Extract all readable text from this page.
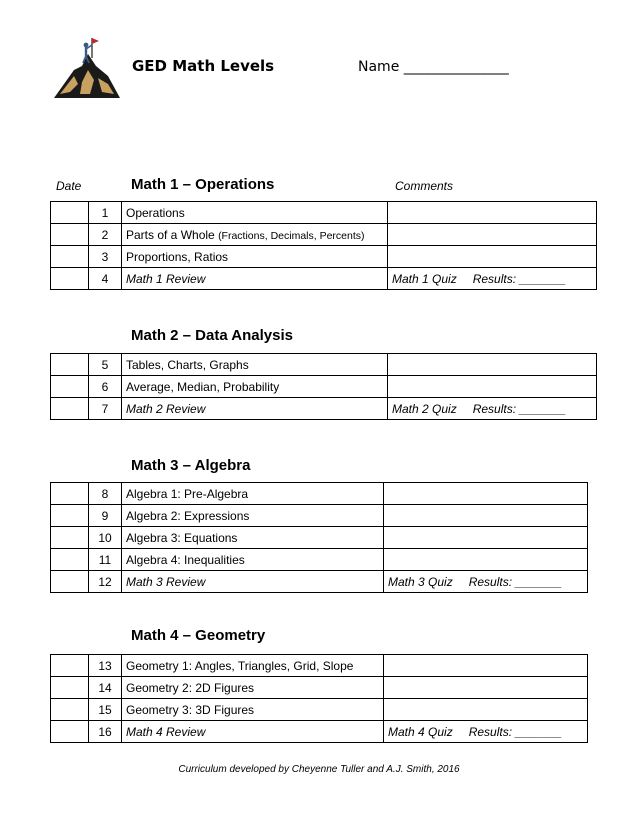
GED Math Levels	Name _______________
Date	Comments
Math 1 – Operations
	1	Operations	
	2	Parts of a Whole (Fractions, Decimals, Percents)	
	3	Proportions, Ratios	
	4	Math 1 Review	Math 1 Quiz Results: _______
Math 2 – Data Analysis
	5	Tables, Charts, Graphs	
	6	Average, Median, Probability	
	7	Math 2 Review	Math 2 Quiz Results: _______
Math 3 – Algebra
	8	Algebra 1: Pre-Algebra	
	9	Algebra 2: Expressions	
	10	Algebra 3: Equations	
	11	Algebra 4: Inequalities	
	12	Math 3 Review	Math 3 Quiz Results: _______
Math 4 – Geometry
	13	Geometry 1: Angles, Triangles, Grid, Slope	
	14	Geometry 2: 2D Figures	
	15	Geometry 3: 3D Figures	
	16	Math 4 Review	Math 4 Quiz Results: _______
Curriculum developed by Cheyenne Tuller and A.J. Smith, 2016
